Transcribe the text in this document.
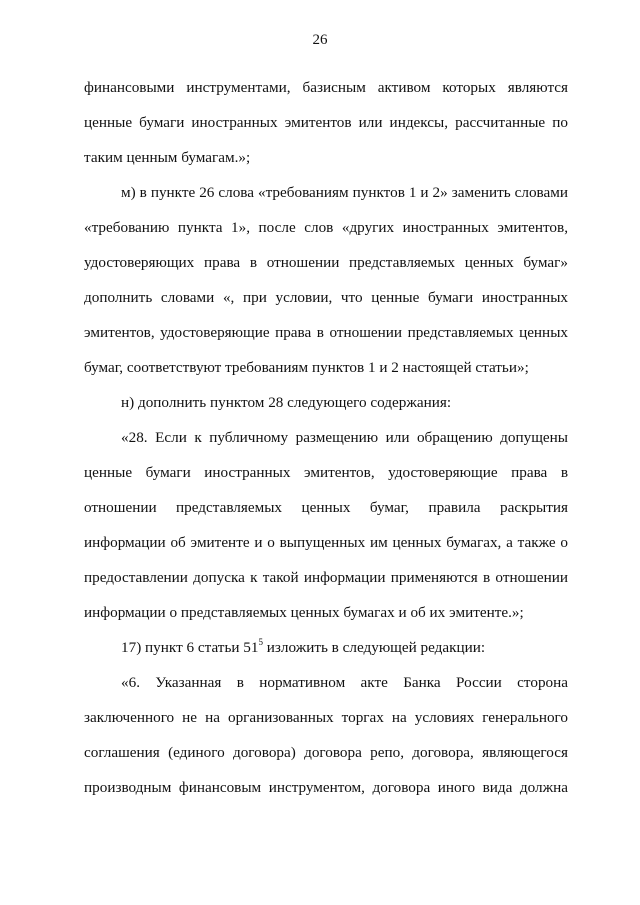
26
финансовыми инструментами, базисным активом которых являются
ценные бумаги иностранных эмитентов или индексы, рассчитанные по
таким ценным бумагам.»;
м) в пункте 26 слова «требованиям пунктов 1 и 2» заменить словами
«требованию пункта 1», после слов «других иностранных эмитентов,
удостоверяющих права в отношении представляемых ценных бумаг»
дополнить словами «, при условии, что ценные бумаги иностранных
эмитентов, удостоверяющие права в отношении представляемых ценных
бумаг, соответствуют требованиям пунктов 1 и 2 настоящей статьи»;
н) дополнить пунктом 28 следующего содержания:
«28. Если к публичному размещению или обращению допущены
ценные бумаги иностранных эмитентов, удостоверяющие права в
отношении представляемых ценных бумаг, правила раскрытия
информации об эмитенте и о выпущенных им ценных бумагах, а также о
предоставлении допуска к такой информации применяются в отношении
информации о представляемых ценных бумагах и об их эмитенте.»;
17) пункт 6 статьи $51^5$ изложить в следующей редакции:
«6. Указанная в нормативном акте Банка России сторона
заключенного не на организованных торгах на условиях генерального
соглашения (единого договора) договора репо, договора, являющегося
производным финансовым инструментом, договора иного вида должна
